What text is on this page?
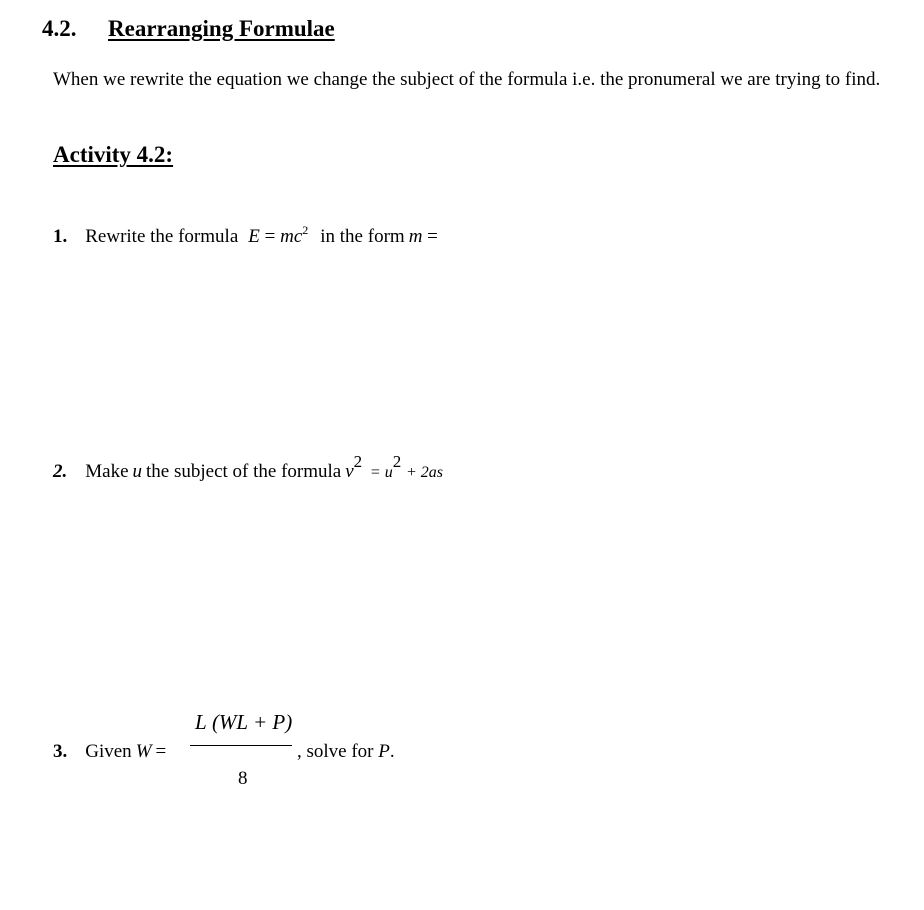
4.2. Rearranging Formulae
When we rewrite the equation we change the subject of the formula i.e. the pronumeral we are trying to find.
Activity 4.2:
1. Rewrite the formula $E = mc^2$ in the form m =
2. Make u the subject of the formula v2 = u2 + 2as
L (WL + P)
8
3. Given W =	, solve for P.
